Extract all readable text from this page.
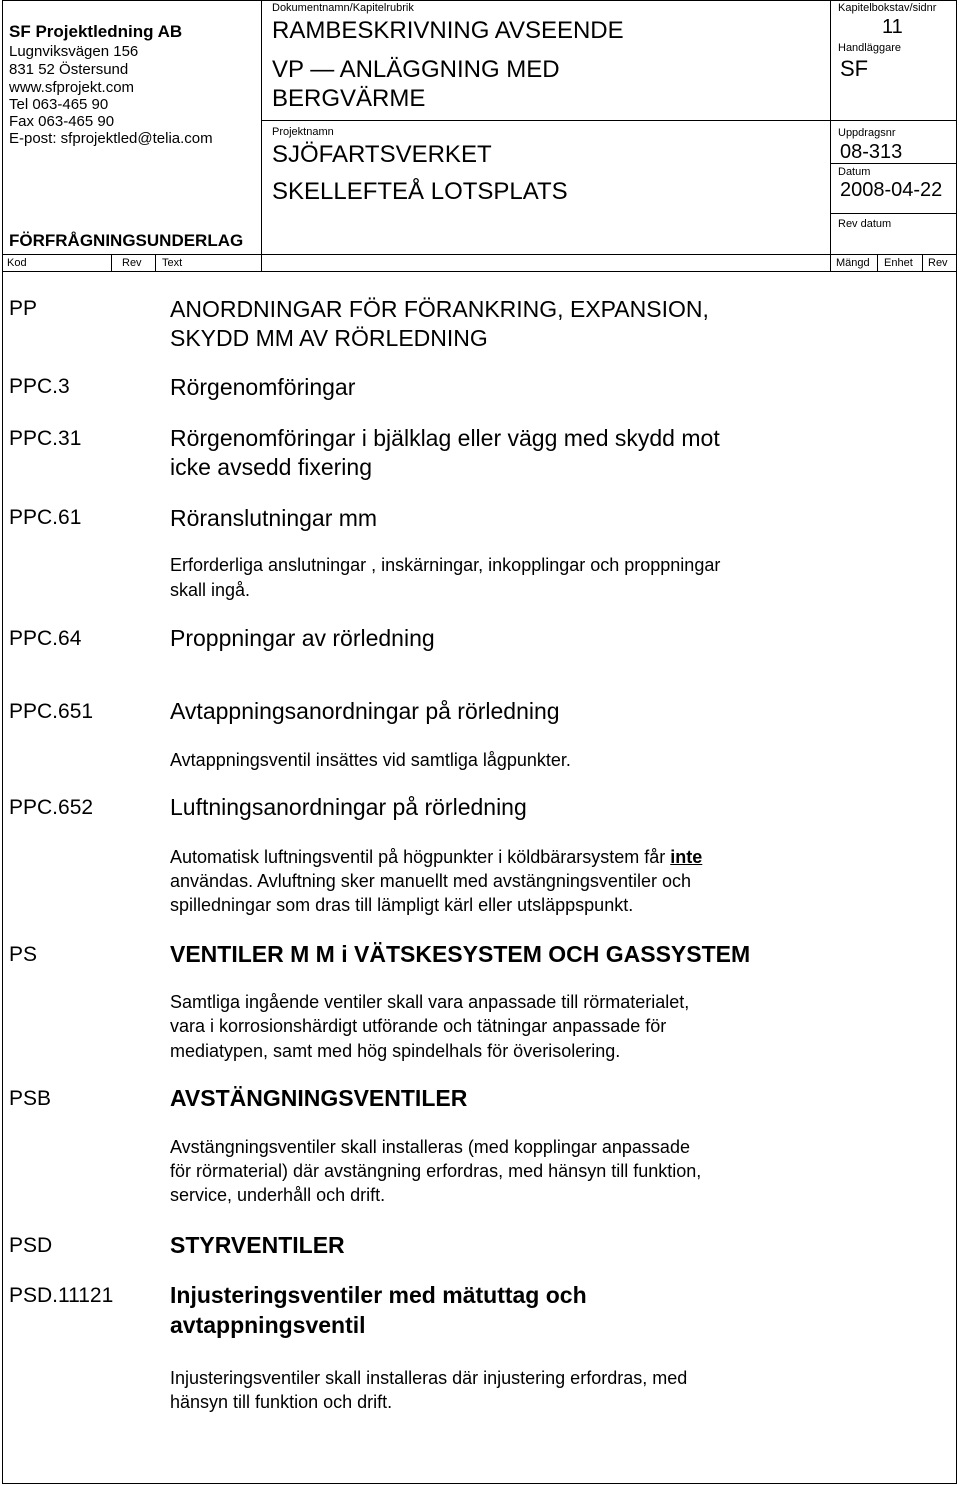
SF Projektledning AB
Lugnviksvägen 156
831 52 Östersund
www.sfprojekt.com
Tel 063-465 90
Fax 063-465 90
E-post: sfprojektled@telia.com
FÖRFRÅGNINGSUNDERLAG
Dokumentnamn/Kapitelrubrik
RAMBESKRIVNING AVSEENDE
VP — ANLÄGGNING MED
BERGVÄRME
Projektnamn
SJÖFARTSVERKET
SKELLEFTEÅ LOTSPLATS
Kapitelbokstav/sidnr
11
Handläggare
SF
Uppdragsnr
08-313
Datum
2008-04-22
Rev datum
Kod	Rev Text	Mängd Enhet Rev
PP	ANORDNINGAR FÖR FÖRANKRING, EXPANSION,
SKYDD MM AV RÖRLEDNING
PPC.3	Rörgenomföringar
PPC.31	Rörgenomföringar i bjälklag eller vägg med skydd mot
icke avsedd fixering
PPC.61	Röranslutningar mm
Erforderliga anslutningar , inskärningar, inkopplingar och proppningar
skall ingå.
PPC.64	Proppningar av rörledning
PPC.651	Avtappningsanordningar på rörledning
Avtappningsventil insättes vid samtliga lågpunkter.
PPC.652	Luftningsanordningar på rörledning
Automatisk luftningsventil på högpunkter i köldbärarsystem får inte
användas. Avluftning sker manuellt med avstängningsventiler och
spilledningar som dras till lämpligt kärl eller utsläppspunkt.
PS	VENTILER M M i VÄTSKESYSTEM OCH GASSYSTEM
Samtliga ingående ventiler skall vara anpassade till rörmaterialet,
vara i korrosionshärdigt utförande och tätningar anpassade för
mediatypen, samt med hög spindelhals för överisolering.
PSB	AVSTÄNGNINGSVENTILER
Avstängningsventiler skall installeras (med kopplingar anpassade
för rörmaterial) där avstängning erfordras, med hänsyn till funktion,
service, underhåll och drift.
PSD	STYRVENTILER
PSD.11121 Injusteringsventiler med mätuttag och
avtappningsventil
Injusteringsventiler skall installeras där injustering erfordras, med
hänsyn till funktion och drift.
